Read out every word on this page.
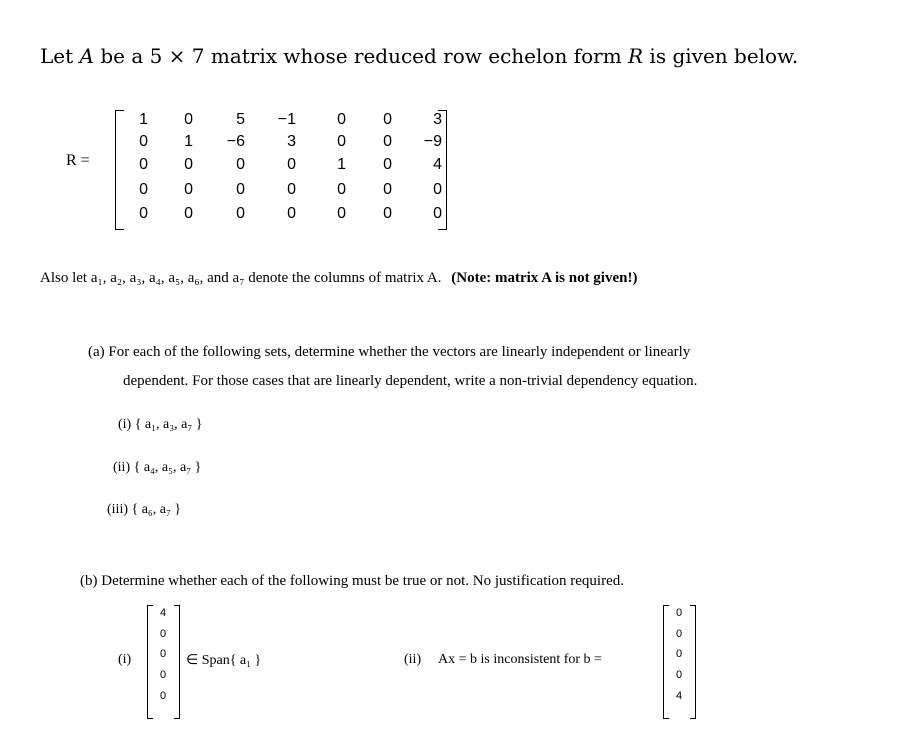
Let A be a 5 × 7 matrix whose reduced row echelon form R is given below.
R =
1	0	5	−1	0	0	3
0	1	−6	3	0	0	−9
0	0	0	0	1	0	4
0	0	0	0	0	0	0
0	0	0	0	0	0	0
Also let a₁, a₂, a₃, a₄, a₅, a₆, and a₇ denote the columns of matrix A. (Note: matrix A is not given!)
(a) For each of the following sets, determine whether the vectors are linearly independent or linearly
dependent. For those cases that are linearly dependent, write a non-trivial dependency equation.
(i) { a₁, a₃, a₇ }
(ii) { a₄, a₅, a₇ }
(iii) { a₆, a₇ }
(b) Determine whether each of the following must be true or not. No justification required.
(i)
4
0
0
0
0
∈ Span{ a₁ }	(ii) Ax = b is inconsistent for b =
0
0
0
0
4
